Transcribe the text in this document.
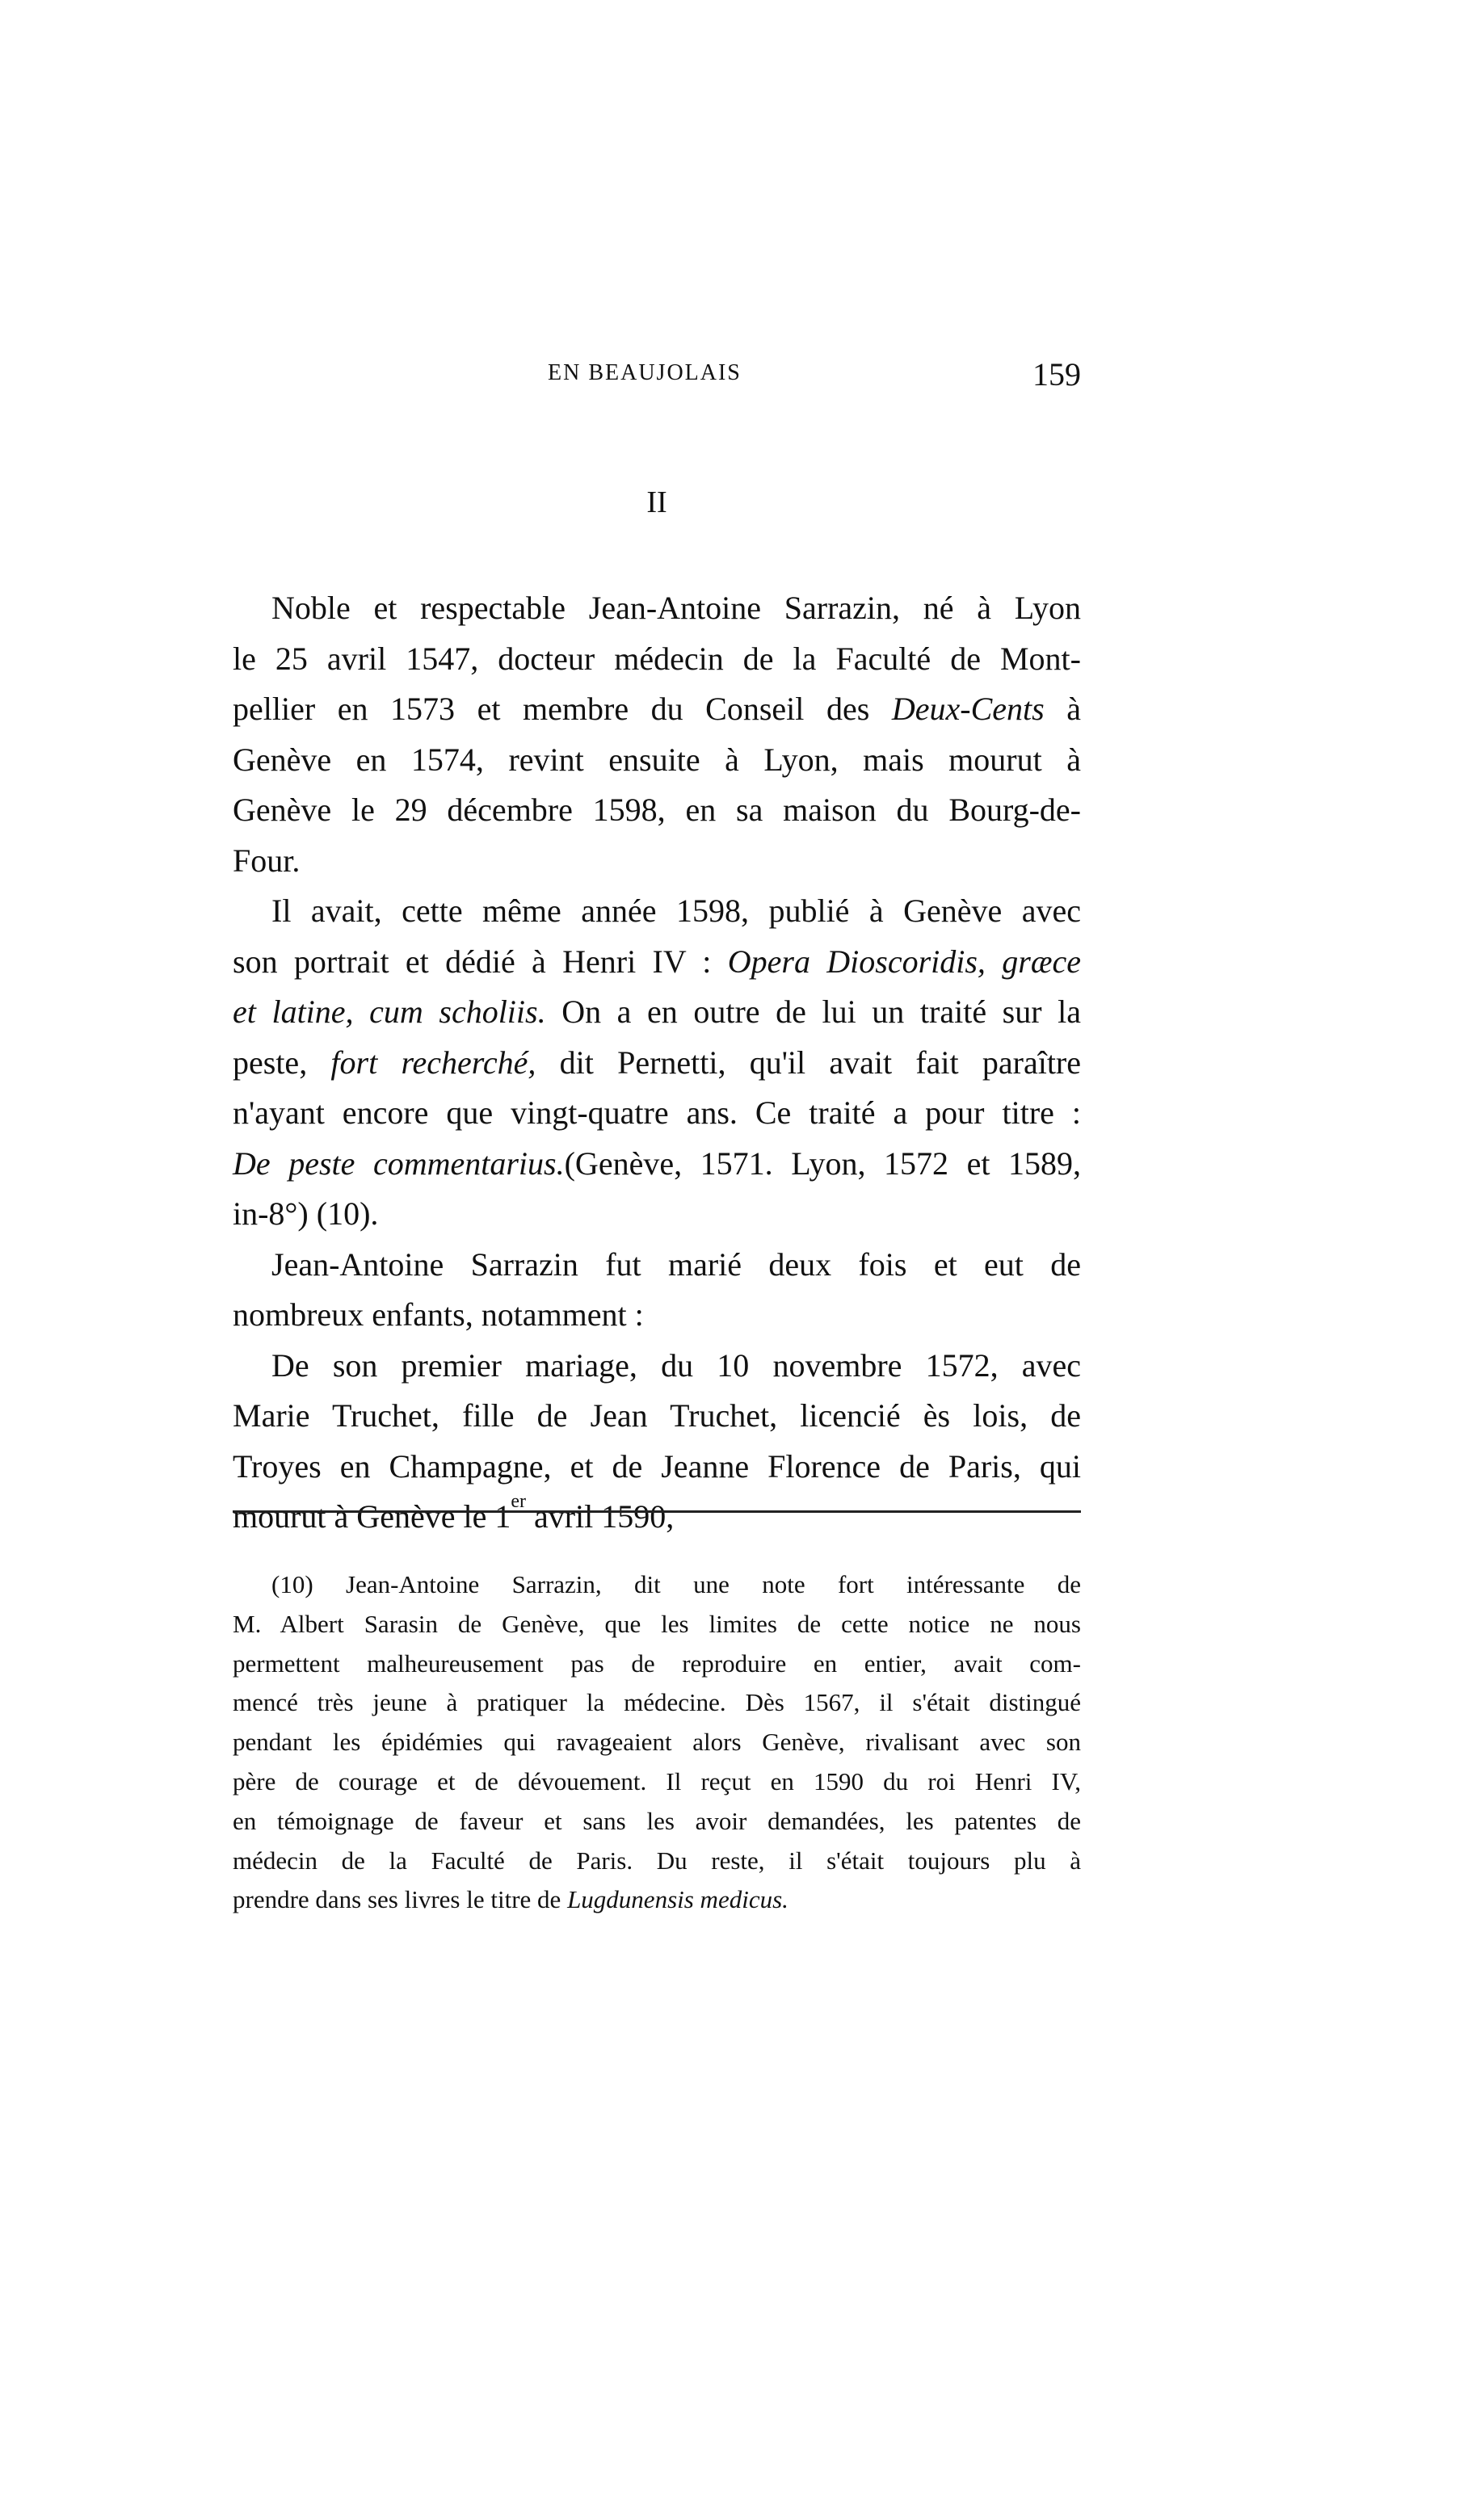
EN BEAUJOLAIS	159
II
Noble et respectable Jean-Antoine Sarrazin, né à Lyon
le 25 avril 1547, docteur médecin de la Faculté de Mont-
pellier en 1573 et membre du Conseil des Deux-Cents à
Genève en 1574, revint ensuite à Lyon, mais mourut à
Genève le 29 décembre 1598, en sa maison du Bourg-de-
Four.
Il avait, cette même année 1598, publié à Genève avec
son portrait et dédié à Henri IV : Opera Dioscoridis, græce
et latine, cum scholiis. On a en outre de lui un traité sur la
peste, fort recherché, dit Pernetti, qu'il avait fait paraître
n'ayant encore que vingt-quatre ans. Ce traité a pour titre :
De peste commentarius.(Genève, 1571. Lyon, 1572 et 1589,
in-8°) (10).
Jean-Antoine Sarrazin fut marié deux fois et eut de
nombreux enfants, notamment :
De son premier mariage, du 10 novembre 1572, avec
Marie Truchet, fille de Jean Truchet, licencié ès lois, de
Troyes en Champagne, et de Jeanne Florence de Paris, qui
mourut à Genève le 1er avril 1590,
(10) Jean-Antoine Sarrazin, dit une note fort intéressante de
M. Albert Sarasin de Genève, que les limites de cette notice ne nous
permettent malheureusement pas de reproduire en entier, avait com-
mencé très jeune à pratiquer la médecine. Dès 1567, il s'était distingué
pendant les épidémies qui ravageaient alors Genève, rivalisant avec son
père de courage et de dévouement. Il reçut en 1590 du roi Henri IV,
en témoignage de faveur et sans les avoir demandées, les patentes de
médecin de la Faculté de Paris. Du reste, il s'était toujours plu à
prendre dans ses livres le titre de Lugdunensis medicus.
